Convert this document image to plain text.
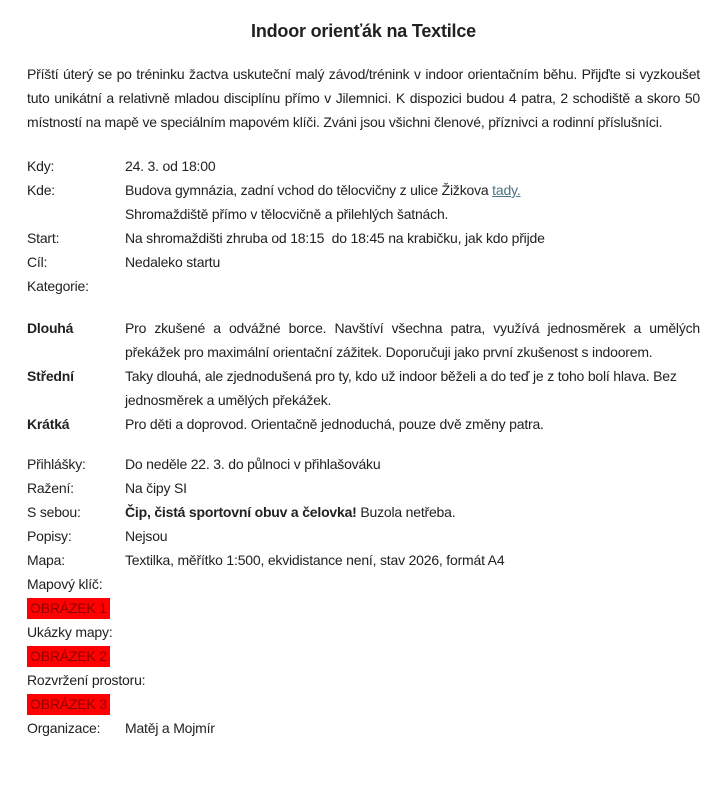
Indoor orienťák na Textilce

Příští úterý se po tréninku žactva uskuteční malý závod/trénink v indoor orientačním běhu. Přijďte si vyzkoušet tuto unikátní a relativně mladou disciplínu přímo v Jilemnici. K dispozici budou 4 patra, 2 schodiště a skoro 50 místností na mapě ve speciálním mapovém klíči. Zváni jsou všichni členové, příznivci a rodinní příslušníci.

Kdy:	24. 3. od 18:00
Kde:	Budova gymnázia, zadní vchod do tělocvičny z ulice Žižkova tady.
Shromaždiště přímo v tělocvičně a přilehlých šatnách.
Start:	Na shromaždišti zhruba od 18:15  do 18:45 na krabičku, jak kdo přijde
Cíl:	Nedaleko startu
Kategorie:
Dlouhá	Pro zkušené a odvážné borce. Navštíví všechna patra, využívá jednosměrek a umělých překážek pro maximální orientační zážitek. Doporučuji jako první zkušenost s indoorem.
Střední	Taky dlouhá, ale zjednodušená pro ty, kdo už indoor běželi a do teď je z toho bolí hlava. Bez jednosměrek a umělých překážek.
Krátká	Pro děti a doprovod. Orientačně jednoduchá, pouze dvě změny patra.
Přihlášky:	Do neděle 22. 3. do půlnoci v přihlašováku
Ražení:	Na čipy SI
S sebou:	Čip, čistá sportovní obuv a čelovka! Buzola netřeba.
Popisy:	Nejsou
Mapa:	Textilka, měřítko 1:500, ekvidistance není, stav 2026, formát A4
Mapový klíč:
OBRÁZEK 1
Ukázky mapy:
OBRÁZEK 2
Rozvržení prostoru:
OBRÁZEK 3
Organizace:	Matěj a Mojmír
